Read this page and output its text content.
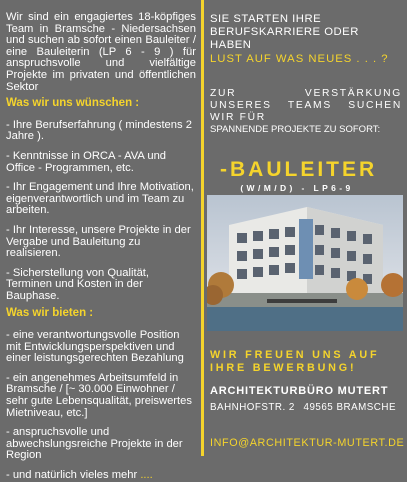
Wir sind ein engagiertes 18-köpfiges Team in Bramsche - Niedersachsen und suchen ab sofort einen Bauleiter / eine Bauleiterin (LP 6 - 9 ) für anspruchsvolle und vielfältige Projekte im privaten und öffentlichen Sektor

Was wir uns wünschen :
- Ihre Berufserfahrung ( mindestens 2 Jahre ).
- Kenntnisse in ORCA - AVA und Office - Programmen, etc.
- Ihr Engagement und Ihre Motivation, eigenverantwortlich und im Team zu arbeiten.
- Ihr Interesse, unsere Projekte in der Vergabe und Bauleitung zu realisieren.
- Sicherstellung von Qualität, Terminen und Kosten in der Bauphase.
Was wir bieten :
- eine verantwortungsvolle Position mit Entwicklungsperspektiven und einer leistungsgerechten Bezahlung
- ein angenehmes Arbeitsumfeld in Bramsche / [~ 30.000 Einwohner / sehr gute Lebensqualität, preiswertes Mietniveau, etc.]
- anspruchsvolle und abwechslungsreiche Projekte in der Region
- und natürlich vieles mehr ....

SIE STARTEN IHRE BERUFSKARRIERE ODER HABEN

LUST AUF WAS NEUES . . . ?

ZUR VERSTÄRKUNG UNSERES TEAMS SUCHEN WIR FÜR

SPANNENDE PROJEKTE ZU SOFORT:

-BAULEITER
(W/M/D) - LP6-9
WIR FREUEN UNS AUF IHRE BEWERBUNG!
ARCHITEKTURBÜRO MUTERT
BAHNHOFSTR. 2 49565 BRAMSCHE
INFO@ARCHITEKTUR-MUTERT.DE
